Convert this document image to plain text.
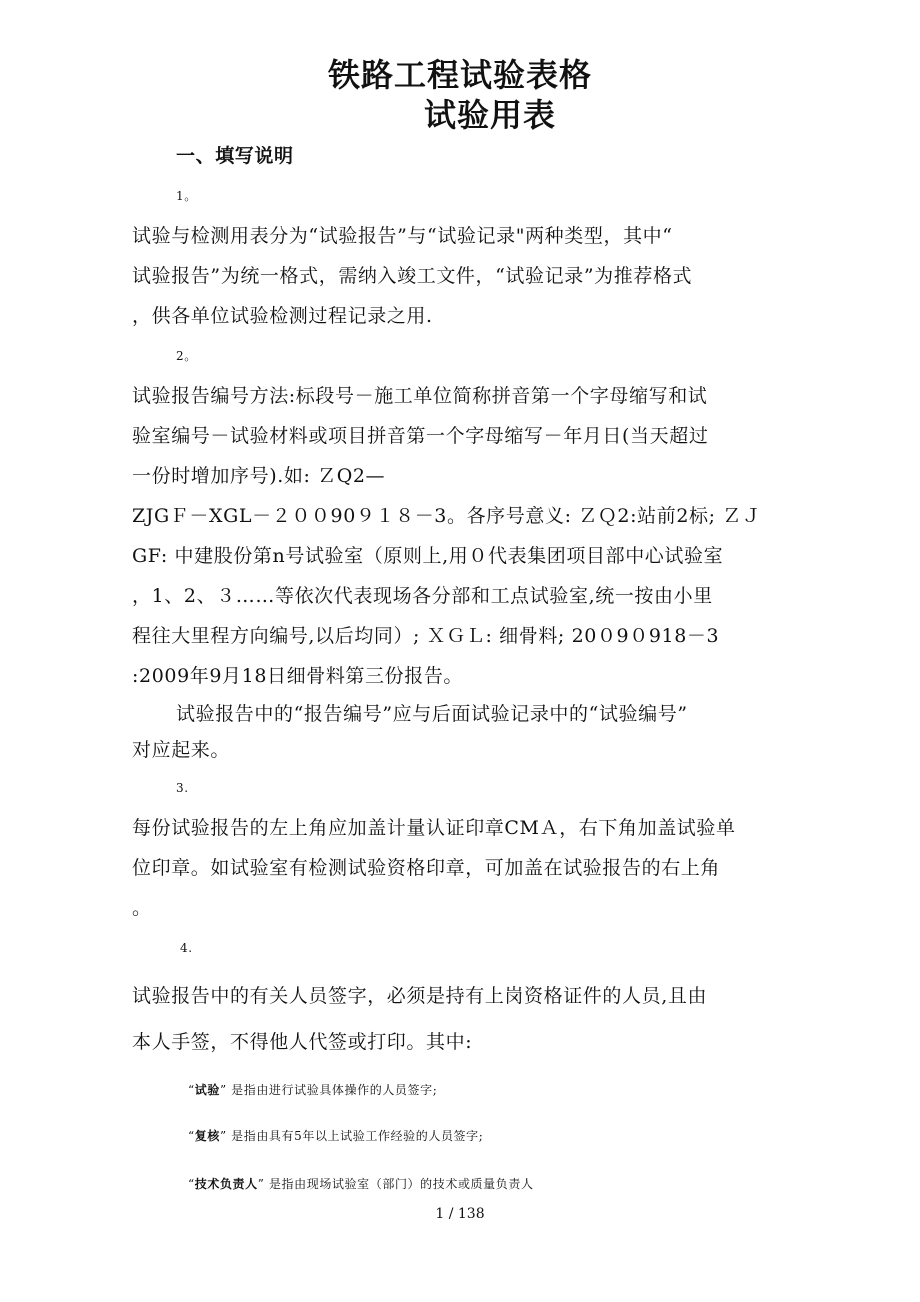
铁路工程试验表格
试验用表
一、填写说明
1。
试验与检测用表分为“试验报告”与“试验记录"两种类型，其中“
试验报告”为统一格式，需纳入竣工文件，“试验记录”为推荐格式
，供各单位试验检测过程记录之用.
2。
试验报告编号方法:标段号－施工单位简称拼音第一个字母缩写和试
验室编号－试验材料或项目拼音第一个字母缩写－年月日(当天超过
一份时增加序号).如: ＺQ2—
ZJGＦ－XGL－２００90９１８－3。各序号意义: ＺＱ2:站前2标; ＺＪ
GF: 中建股份第n号试验室（原则上,用０代表集团项目部中心试验室
，1、2、３……等依次代表现场各分部和工点试验室,统一按由小里
程往大里程方向编号,以后均同）; ＸＧＬ: 细骨料; 20０9０918－3
:2009年9月18日细骨料第三份报告。
试验报告中的“报告编号”应与后面试验记录中的“试验编号”
对应起来。
3.
每份试验报告的左上角应加盖计量认证印章CMＡ，右下角加盖试验单
位印章。如试验室有检测试验资格印章，可加盖在试验报告的右上角
。
4.
试验报告中的有关人员签字，必须是持有上岗资格证件的人员,且由
本人手签，不得他人代签或打印。其中:
“试验” 是指由进行试验具体操作的人员签字;
“复核” 是指由具有5年以上试验工作经验的人员签字;
“技术负责人” 是指由现场试验室（部门）的技术或质量负责人
1 / 138
